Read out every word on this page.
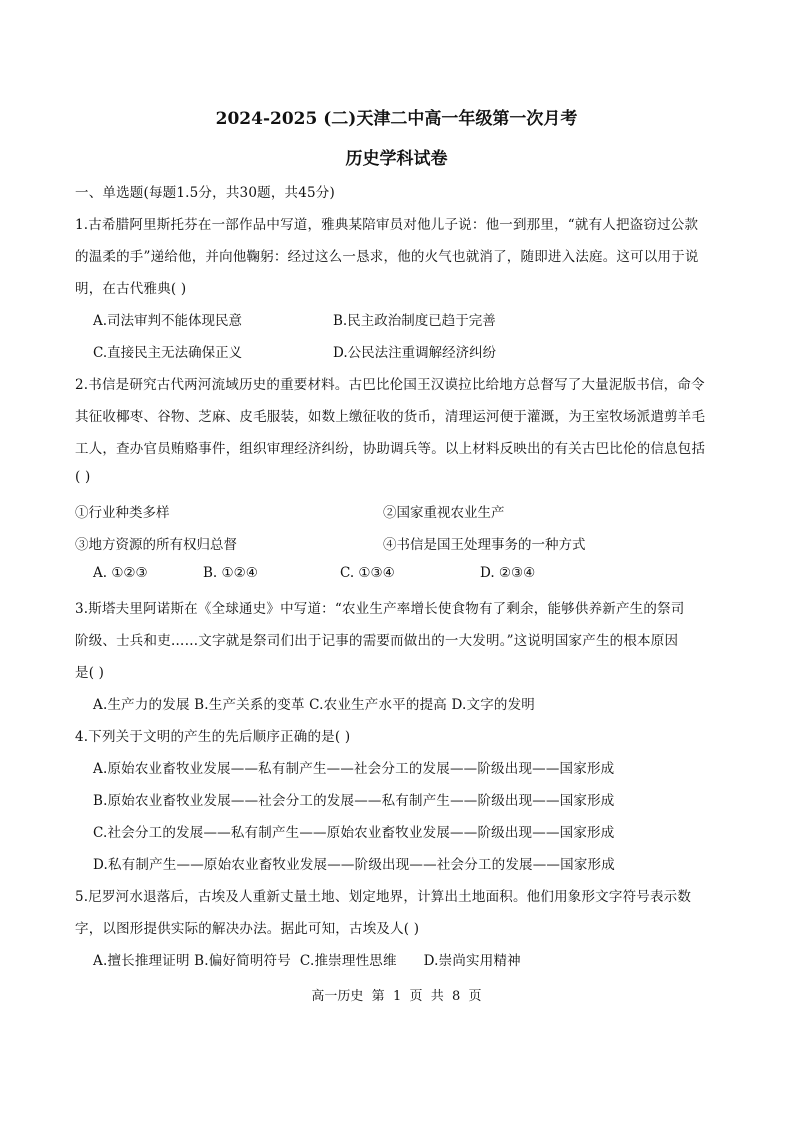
2024-2025 (二)天津二中高一年级第一次月考
历史学科试卷
一、单选题(每题1.5分，共30题，共45分)
1.古希腊阿里斯托芬在一部作品中写道，雅典某陪审员对他儿子说：他一到那里，“就有人把盗窃过公款
的温柔的手”递给他，并向他鞠躬：经过这么一恳求，他的火气也就消了，随即进入法庭。这可以用于说
明，在古代雅典( )
A.司法审判不能体现民意	B.民主政治制度已趋于完善
C.直接民主无法确保正义	D.公民法注重调解经济纠纷
2.书信是研究古代两河流域历史的重要材料。古巴比伦国王汉谟拉比给地方总督写了大量泥版书信，命令
其征收椰枣、谷物、芝麻、皮毛服装，如数上缴征收的货币，清理运河便于灌溉，为王室牧场派遣剪羊毛
工人，查办官员贿赂事件，组织审理经济纠纷，协助调兵等。以上材料反映出的有关古巴比伦的信息包括
( )
①行业种类多样	②国家重视农业生产
③地方资源的所有权归总督	④书信是国王处理事务的一种方式
A. ①②③	B. ①②④	C. ①③④	D. ②③④
3.斯塔夫里阿诺斯在《全球通史》中写道：“农业生产率增长使食物有了剩余，能够供养新产生的祭司
阶级、士兵和吏……文字就是祭司们出于记事的需要而做出的一大发明。”这说明国家产生的根本原因
是( )
A.生产力的发展 B.生产关系的变革 C.农业生产水平的提高 D.文字的发明
4.下列关于文明的产生的先后顺序正确的是( )
A.原始农业畜牧业发展——私有制产生——社会分工的发展——阶级出现——国家形成
B.原始农业畜牧业发展——社会分工的发展——私有制产生——阶级出现——国家形成
C.社会分工的发展——私有制产生——原始农业畜牧业发展——阶级出现——国家形成
D.私有制产生——原始农业畜牧业发展——阶级出现——社会分工的发展——国家形成
5.尼罗河水退落后，古埃及人重新丈量土地、划定地界，计算出土地面积。他们用象形文字符号表示数
字，以图形提供实际的解决办法。据此可知，古埃及人( )
A.擅长推理证明 B.偏好简明符号  C.推崇理性思维      D.崇尚实用精神
高一历史  第  1  页  共  8  页
